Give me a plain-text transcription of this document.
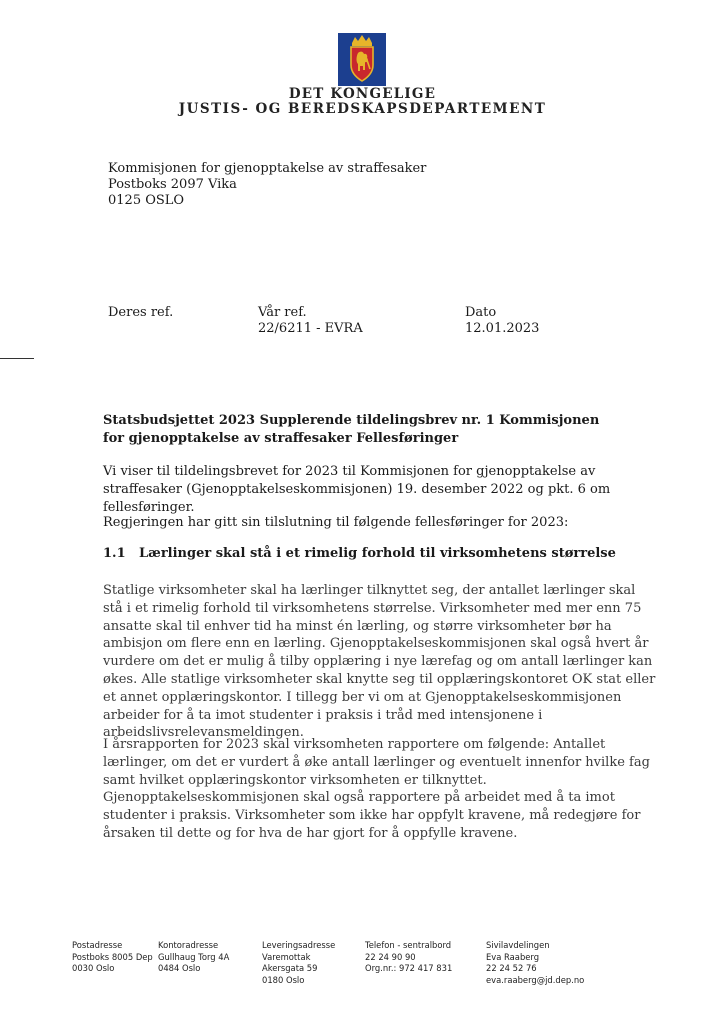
DET KONGELIGE
JUSTIS- OG BEREDSKAPSDEPARTEMENT
Kommisjonen for gjenopptakelse av straffesaker
Postboks 2097 Vika
0125 OSLO
Deres ref.	Vår ref.
22/6211 - EVRA
Dato
12.01.2023
Statsbudsjettet 2023 Supplerende tildelingsbrev nr. 1 Kommisjonen for gjenopptakelse av straffesaker Fellesføringer
Vi viser til tildelingsbrevet for 2023 til Kommisjonen for gjenopptakelse av straffesaker (Gjenopptakelseskommisjonen) 19. desember 2022 og pkt. 6 om fellesføringer.
Regjeringen har gitt sin tilslutning til følgende fellesføringer for 2023:
1.1 Lærlinger skal stå i et rimelig forhold til virksomhetens størrelse
Statlige virksomheter skal ha lærlinger tilknyttet seg, der antallet lærlinger skal stå i et rimelig forhold til virksomhetens størrelse. Virksomheter med mer enn 75 ansatte skal til enhver tid ha minst én lærling, og større virksomheter bør ha ambisjon om flere enn en lærling. Gjenopptakelseskommisjonen skal også hvert år vurdere om det er mulig å tilby opplæring i nye lærefag og om antall lærlinger kan økes. Alle statlige virksomheter skal knytte seg til opplæringskontoret OK stat eller et annet opplæringskontor. I tillegg ber vi om at Gjenopptakelseskommisjonen arbeider for å ta imot studenter i praksis i tråd med intensjonene i arbeidslivsrelevansmeldingen.
I årsrapporten for 2023 skal virksomheten rapportere om følgende: Antallet lærlinger, om det er vurdert å øke antall lærlinger og eventuelt innenfor hvilke fag samt hvilket opplæringskontor virksomheten er tilknyttet. Gjenopptakelseskommisjonen skal også rapportere på arbeidet med å ta imot studenter i praksis. Virksomheter som ikke har oppfylt kravene, må redegjøre for årsaken til dette og for hva de har gjort for å oppfylle kravene.
Postadresse
Postboks 8005 Dep
0030 Oslo
Kontoradresse
Gullhaug Torg 4A
0484 Oslo
Leveringsadresse
Varemottak
Akersgata 59
0180 Oslo
Telefon - sentralbord
22 24 90 90
Org.nr.: 972 417 831
Sivilavdelingen
Eva Raaberg
22 24 52 76
eva.raaberg@jd.dep.no
